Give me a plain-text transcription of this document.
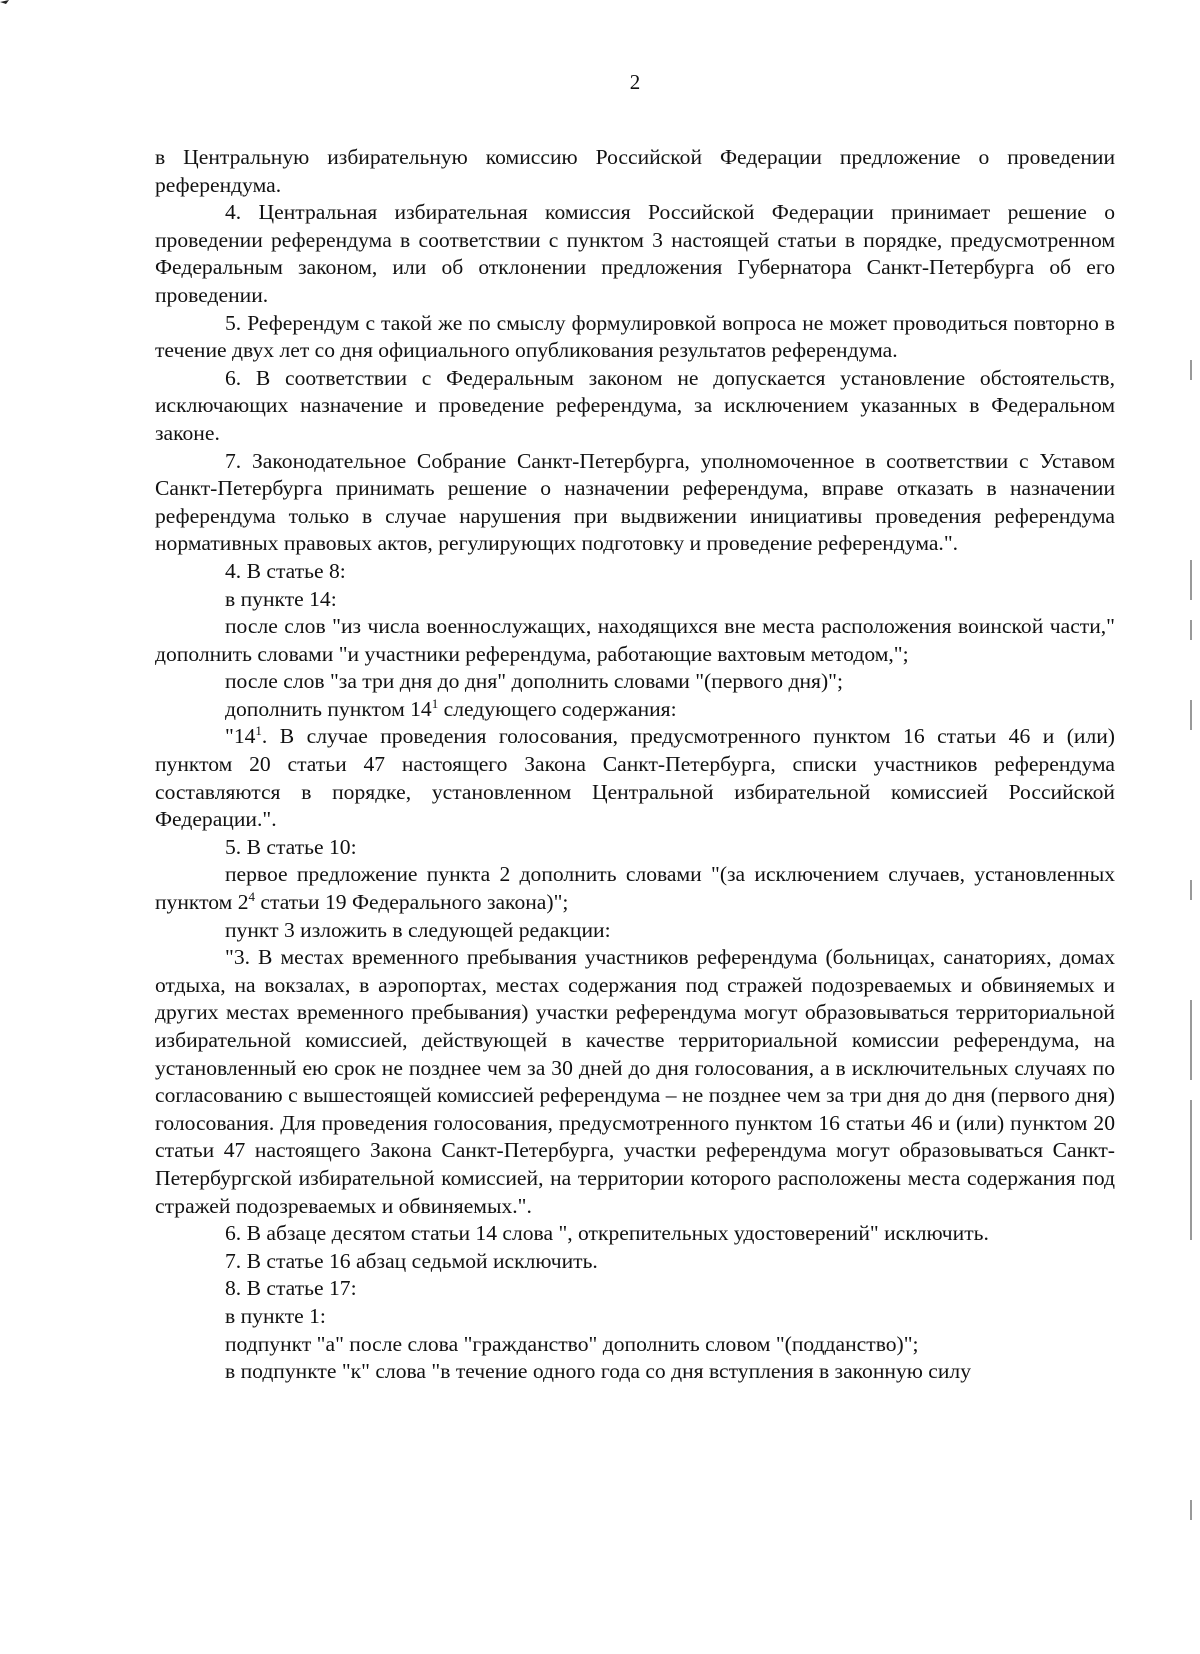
2

в Центральную избирательную комиссию Российской Федерации предложение о проведении референдума.

4. Центральная избирательная комиссия Российской Федерации принимает решение о проведении референдума в соответствии с пунктом 3 настоящей статьи в порядке, предусмотренном Федеральным законом, или об отклонении предложения Губернатора Санкт-Петербурга об его проведении.

5. Референдум с такой же по смыслу формулировкой вопроса не может проводиться повторно в течение двух лет со дня официального опубликования результатов референдума.

6. В соответствии с Федеральным законом не допускается установление обстоятельств, исключающих назначение и проведение референдума, за исключением указанных в Федеральном законе.

7. Законодательное Собрание Санкт-Петербурга, уполномоченное в соответствии с Уставом Санкт-Петербурга принимать решение о назначении референдума, вправе отказать в назначении референдума только в случае нарушения при выдвижении инициативы проведения референдума нормативных правовых актов, регулирующих подготовку и проведение референдума.".

4. В статье 8:

в пункте 14:

после слов "из числа военнослужащих, находящихся вне места расположения воинской части," дополнить словами "и участники референдума, работающие вахтовым методом,";

после слов "за три дня до дня" дополнить словами "(первого дня)";

дополнить пунктом $14^1$ следующего содержания:

"$14^1$. В случае проведения голосования, предусмотренного пунктом 16 статьи 46 и (или) пунктом 20 статьи 47 настоящего Закона Санкт-Петербурга, списки участников референдума составляются в порядке, установленном Центральной избирательной комиссией Российской Федерации.".

5. В статье 10:

первое предложение пункта 2 дополнить словами "(за исключением случаев, установленных пунктом $2^4$ статьи 19 Федерального закона)";

пункт 3 изложить в следующей редакции:

"3. В местах временного пребывания участников референдума (больницах, санаториях, домах отдыха, на вокзалах, в аэропортах, местах содержания под стражей подозреваемых и обвиняемых и других местах временного пребывания) участки референдума могут образовываться территориальной избирательной комиссией, действующей в качестве территориальной комиссии референдума, на установленный ею срок не позднее чем за 30 дней до дня голосования, а в исключительных случаях по согласованию с вышестоящей комиссией референдума – не позднее чем за три дня до дня (первого дня) голосования. Для проведения голосования, предусмотренного пунктом 16 статьи 46 и (или) пунктом 20 статьи 47 настоящего Закона Санкт-Петербурга, участки референдума могут образовываться Санкт-Петербургской избирательной комиссией, на территории которого расположены места содержания под стражей подозреваемых и обвиняемых.".

6. В абзаце десятом статьи 14 слова ", открепительных удостоверений" исключить.

7. В статье 16 абзац седьмой исключить.

8. В статье 17:

в пункте 1:

подпункт "а" после слова "гражданство" дополнить словом "(подданство)";

в подпункте "к" слова "в течение одного года со дня вступления в законную силу
